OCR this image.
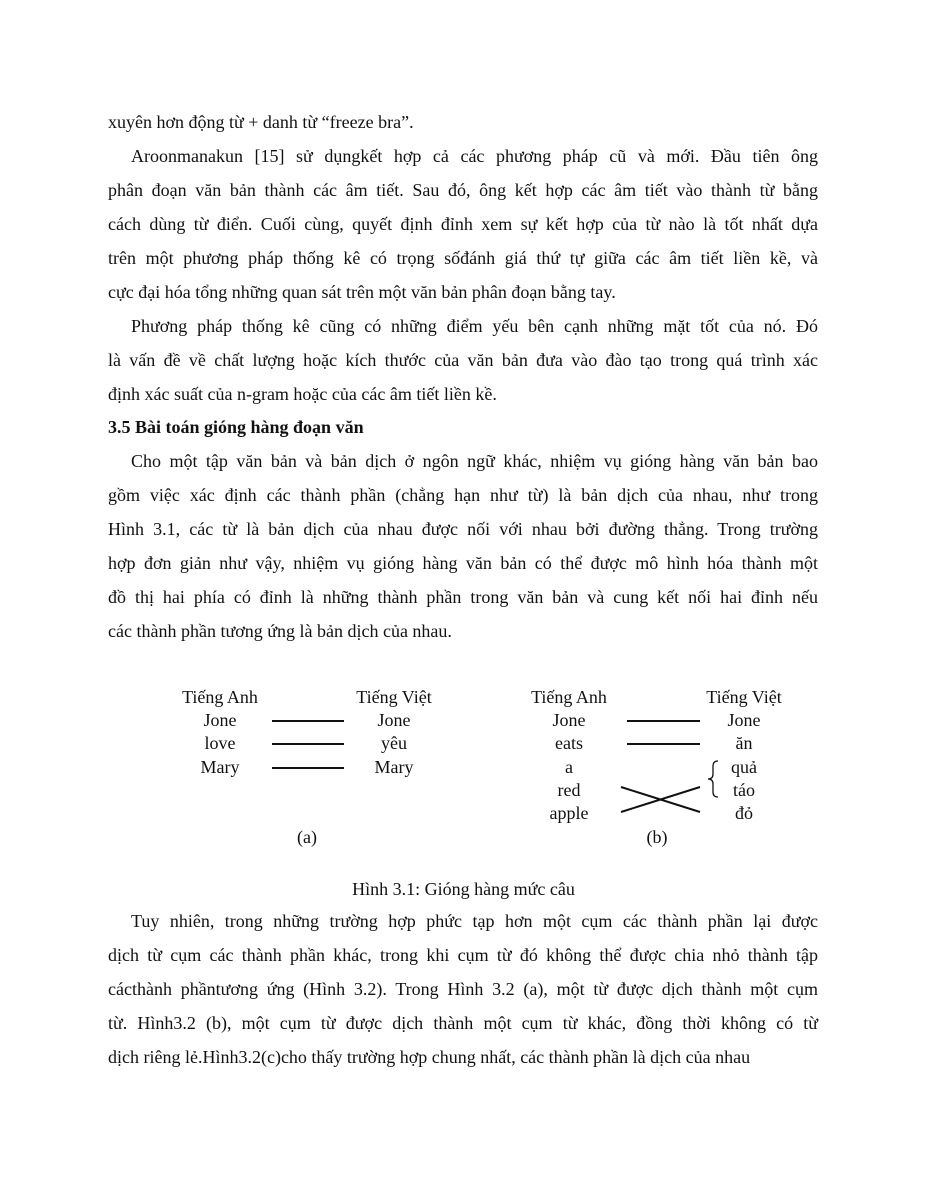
xuyên hơn động từ + danh từ “freeze bra”.
Aroonmanakun [15] sử dụngkết hợp cả các phương pháp cũ và mới. Đầu tiên ông
phân đoạn văn bản thành các âm tiết. Sau đó, ông kết hợp các âm tiết vào thành từ bằng
cách dùng từ điển. Cuối cùng, quyết định đỉnh xem sự kết hợp của từ nào là tốt nhất dựa
trên một phương pháp thống kê có trọng sốđánh giá thứ tự giữa các âm tiết liền kề, và
cực đại hóa tổng những quan sát trên một văn bản phân đoạn bằng tay.
Phương pháp thống kê cũng có những điểm yếu bên cạnh những mặt tốt của nó. Đó
là vấn đề về chất lượng hoặc kích thước của văn bản đưa vào đào tạo trong quá trình xác
định xác suất của n-gram hoặc của các âm tiết liền kề.
3.5 Bài toán gióng hàng đoạn văn
Cho một tập văn bản và bản dịch ở ngôn ngữ khác, nhiệm vụ gióng hàng văn bản bao
gồm việc xác định các thành phần (chẳng hạn như từ) là bản dịch của nhau, như trong
Hình 3.1, các từ là bản dịch của nhau được nối với nhau bởi đường thẳng. Trong trường
hợp đơn giản như vậy, nhiệm vụ gióng hàng văn bản có thể được mô hình hóa thành một
đồ thị hai phía có đỉnh là những thành phần trong văn bản và cung kết nối hai đỉnh nếu
các thành phần tương ứng là bản dịch của nhau.
Tiếng Anh	Tiếng Việt
Jone
love
Mary
Jone
yêu
Mary
(a)
Tiếng Anh	Tiếng Việt
Jone
eats
a
red
apple
Jone
ăn
quả
táo
đỏ
(b)
Hình 3.1: Gióng hàng mức câu
Tuy nhiên, trong những trường hợp phức tạp hơn một cụm các thành phần lại được
dịch từ cụm các thành phần khác, trong khi cụm từ đó không thể được chia nhỏ thành tập
cácthành phầntương ứng (Hình 3.2). Trong Hình 3.2 (a), một từ được dịch thành một cụm
từ. Hình3.2 (b), một cụm từ được dịch thành một cụm từ khác, đồng thời không có từ
dịch riêng lẻ.Hình3.2(c)cho thấy trường hợp chung nhất, các thành phần là dịch của nhau
